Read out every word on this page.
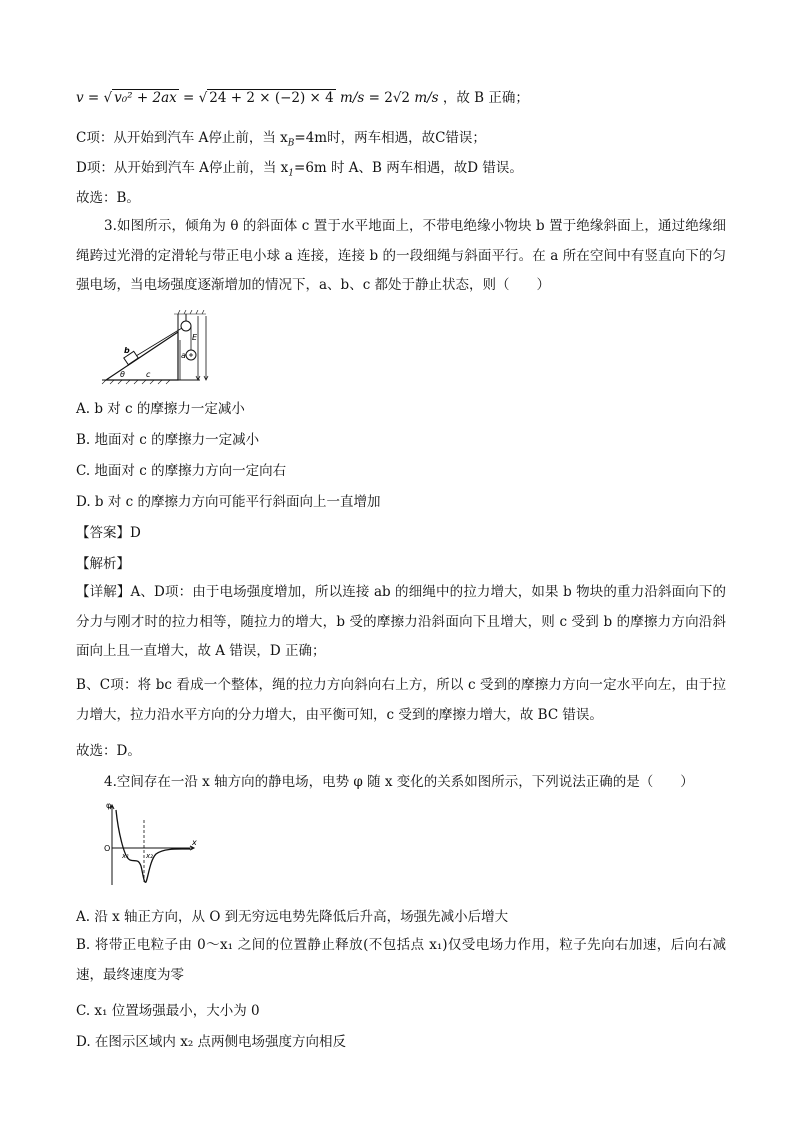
v = √ v₀² + 2ax = √ 24 + 2 × (−2) × 4 m/s = 2√2 m/s ，故 B 正确；
C项：从开始到汽车 A停止前，当 $x_B=4m$时，两车相遇，故C错误；
D项：从开始到汽车 A停止前，当 $x_1=6m$ 时 A、B 两车相遇，故D 错误。
故选：B。
3.如图所示，倾角为 θ 的斜面体 c 置于水平地面上，不带电绝缘小物块 b 置于绝缘斜面上，通过绝缘细绳跨过光滑的定滑轮与带正电小球 a 连接，连接 b 的一段细绳与斜面平行。在 a 所在空间中有竖直向下的匀强电场，当电场强度逐渐增加的情况下，a、b、c 都处于静止状态，则（　　）
b
θ	c
a
E
A. b 对 c 的摩擦力一定减小
B. 地面对 c 的摩擦力一定减小
C. 地面对 c 的摩擦力方向一定向右
D. b 对 c 的摩擦力方向可能平行斜面向上一直增加
【答案】D
【解析】
【详解】A、D项：由于电场强度增加，所以连接 ab 的细绳中的拉力增大，如果 b 物块的重力沿斜面向下的分力与刚才时的拉力相等，随拉力的增大，b 受的摩擦力沿斜面向下且增大，则 c 受到 b 的摩擦力方向沿斜面向上且一直增大，故 A 错误，D 正确；
B、C项：将 bc 看成一个整体，绳的拉力方向斜向右上方，所以 c 受到的摩擦力方向一定水平向左，由于拉力增大，拉力沿水平方向的分力增大，由平衡可知，c 受到的摩擦力增大，故 BC 错误。
故选：D。
4.空间存在一沿 x 轴方向的静电场，电势 φ 随 x 变化的关系如图所示，下列说法正确的是（　　）
φ
O
x₁ x₂
x
A. 沿 x 轴正方向，从 O 到无穷远电势先降低后升高，场强先减小后增大
B. 将带正电粒子由 0～x₁ 之间的位置静止释放(不包括点 x₁)仅受电场力作用，粒子先向右加速，后向右减速，最终速度为零
C. x₁ 位置场强最小，大小为 0
D. 在图示区域内 x₂ 点两侧电场强度方向相反
